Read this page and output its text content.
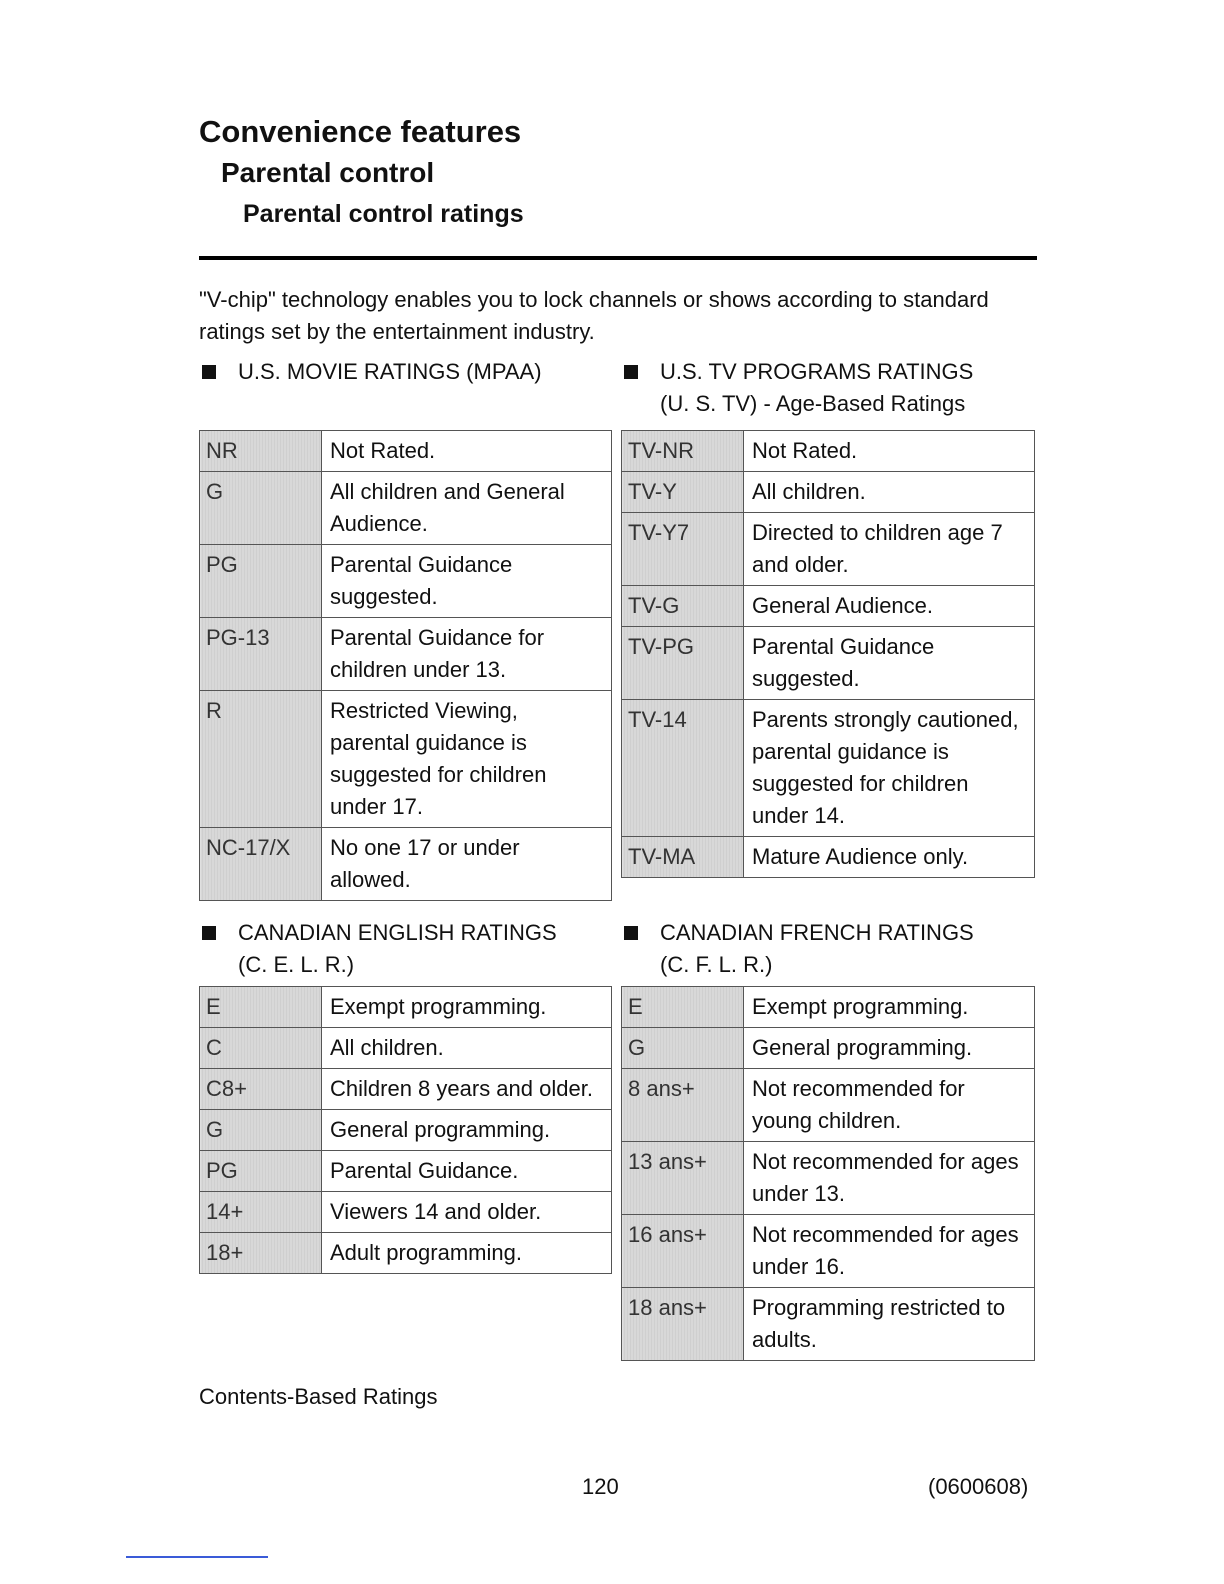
Convenience features
Parental control
Parental control ratings

"V-chip" technology enables you to lock channels or shows according to standard ratings set by the entertainment industry.

U.S. MOVIE RATINGS (MPAA)
NR	Not Rated.
G	All children and General Audience.
PG	Parental Guidance suggested.
PG-13	Parental Guidance for children under 13.
R	Restricted Viewing, parental guidance is suggested for children under 17.
NC-17/X	No one 17 or under allowed.
U.S. TV PROGRAMS RATINGS
(U. S. TV) - Age-Based Ratings
TV-NR	Not Rated.
TV-Y	All children.
TV-Y7	Directed to children age 7 and older.
TV-G	General Audience.
TV-PG	Parental Guidance suggested.
TV-14	Parents strongly cautioned, parental guidance is suggested for children under 14.
TV-MA	Mature Audience only.
CANADIAN ENGLISH RATINGS
(C. E. L. R.)
E	Exempt programming.
C	All children.
C8+	Children 8 years and older.
G	General programming.
PG	Parental Guidance.
14+	Viewers 14 and older.
18+	Adult programming.
CANADIAN FRENCH RATINGS
(C. F. L. R.)
E	Exempt programming.
G	General programming.
8 ans+	Not recommended for young children.
13 ans+	Not recommended for ages under 13.
16 ans+	Not recommended for ages under 16.
18 ans+	Programming restricted to adults.
Contents-Based Ratings
120	(0600608)
